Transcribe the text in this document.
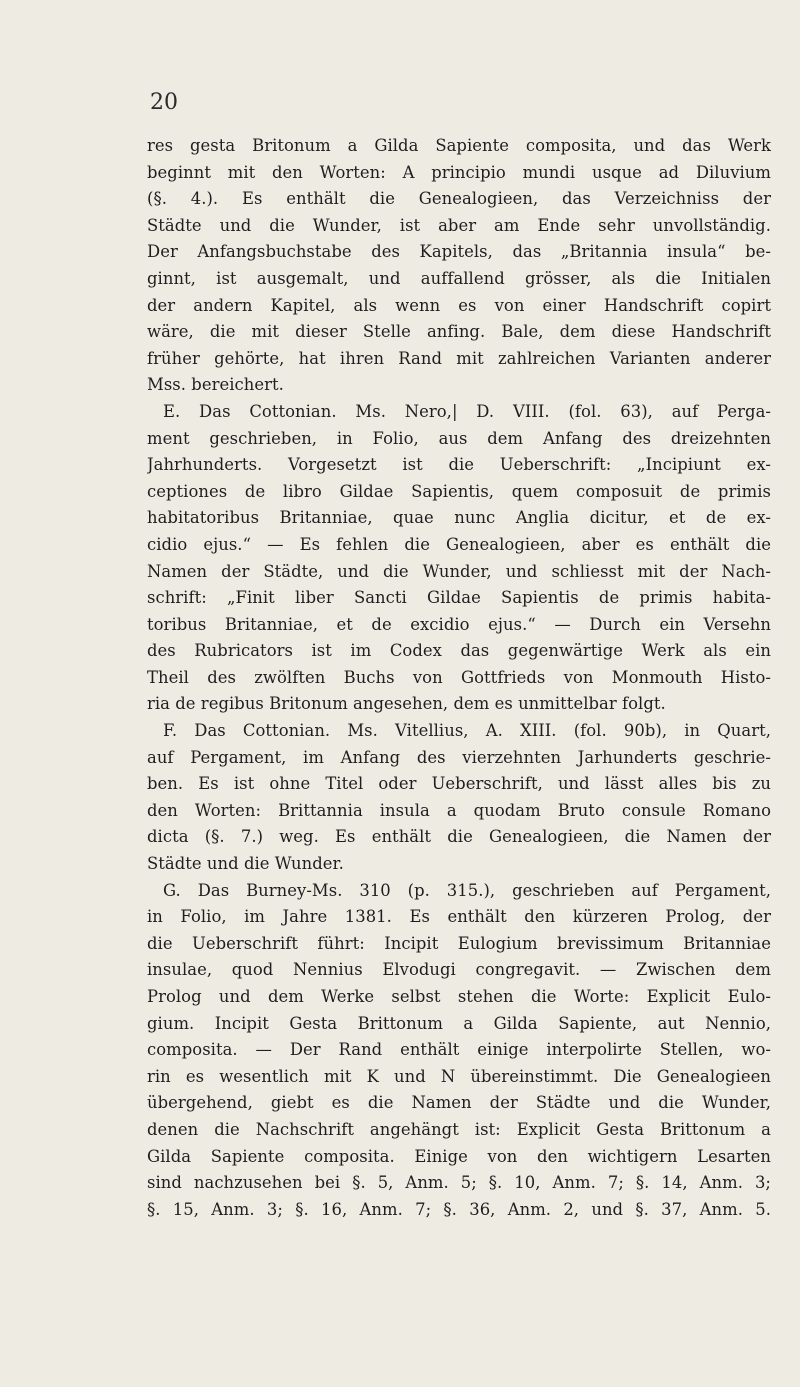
20
res gesta Britonum a Gilda Sapiente composita, und das Werk
beginnt mit den Worten: A principio mundi usque ad Diluvium
(§. 4.). Es enthält die Genealogieen, das Verzeichniss der
Städte und die Wunder, ist aber am Ende sehr unvollständig.
Der Anfangsbuchstabe des Kapitels, das „Britannia insula“ be-
ginnt, ist ausgemalt, und auffallend grösser, als die Initialen
der andern Kapitel, als wenn es von einer Handschrift copirt
wäre, die mit dieser Stelle anfing. Bale, dem diese Handschrift
früher gehörte, hat ihren Rand mit zahlreichen Varianten anderer
Mss. bereichert.
E. Das Cottonian. Ms. Nero,| D. VIII. (fol. 63), auf Perga-
ment geschrieben, in Folio, aus dem Anfang des dreizehnten
Jahrhunderts. Vorgesetzt ist die Ueberschrift: „Incipiunt ex-
ceptiones de libro Gildae Sapientis, quem composuit de primis
habitatoribus Britanniae, quae nunc Anglia dicitur, et de ex-
cidio ejus.“ — Es fehlen die Genealogieen, aber es enthält die
Namen der Städte, und die Wunder, und schliesst mit der Nach-
schrift: „Finit liber Sancti Gildae Sapientis de primis habita-
toribus Britanniae, et de excidio ejus.“ — Durch ein Versehn
des Rubricators ist im Codex das gegenwärtige Werk als ein
Theil des zwölften Buchs von Gottfrieds von Monmouth Histo-
ria de regibus Britonum angesehen, dem es unmittelbar folgt.
F. Das Cottonian. Ms. Vitellius, A. XIII. (fol. 90b), in Quart,
auf Pergament, im Anfang des vierzehnten Jarhunderts geschrie-
ben. Es ist ohne Titel oder Ueberschrift, und lässt alles bis zu
den Worten: Brittannia insula a quodam Bruto consule Romano
dicta (§. 7.) weg. Es enthält die Genealogieen, die Namen der
Städte und die Wunder.
G. Das Burney-Ms. 310 (p. 315.), geschrieben auf Pergament,
in Folio, im Jahre 1381. Es enthält den kürzeren Prolog, der
die Ueberschrift führt: Incipit Eulogium brevissimum Britanniae
insulae, quod Nennius Elvodugi congregavit. — Zwischen dem
Prolog und dem Werke selbst stehen die Worte: Explicit Eulo-
gium. Incipit Gesta Brittonum a Gilda Sapiente, aut Nennio,
composita. — Der Rand enthält einige interpolirte Stellen, wo-
rin es wesentlich mit K und N übereinstimmt. Die Genealogieen
übergehend, giebt es die Namen der Städte und die Wunder,
denen die Nachschrift angehängt ist: Explicit Gesta Brittonum a
Gilda Sapiente composita. Einige von den wichtigern Lesarten
sind nachzusehen bei §. 5, Anm. 5; §. 10, Anm. 7; §. 14, Anm. 3;
§. 15, Anm. 3; §. 16, Anm. 7; §. 36, Anm. 2, und §. 37, Anm. 5.
